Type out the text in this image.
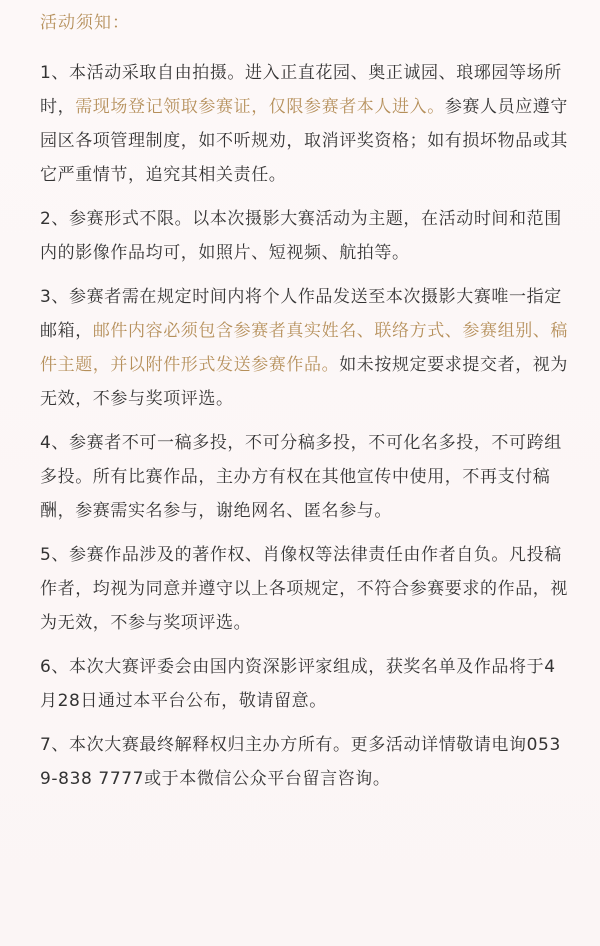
活动须知：

1、本活动采取自由拍摄。进入正直花园、奥正诚园、琅琊园等场所时，需现场登记领取参赛证，仅限参赛者本人进入。参赛人员应遵守园区各项管理制度，如不听规劝，取消评奖资格；如有损坏物品或其它严重情节，追究其相关责任。

2、参赛形式不限。以本次摄影大赛活动为主题，在活动时间和范围内的影像作品均可，如照片、短视频、航拍等。

3、参赛者需在规定时间内将个人作品发送至本次摄影大赛唯一指定邮箱，邮件内容必须包含参赛者真实姓名、联络方式、参赛组别、稿件主题，并以附件形式发送参赛作品。如未按规定要求提交者，视为无效，不参与奖项评选。

4、参赛者不可一稿多投，不可分稿多投，不可化名多投，不可跨组多投。所有比赛作品，主办方有权在其他宣传中使用，不再支付稿酬，参赛需实名参与，谢绝网名、匿名参与。

5、参赛作品涉及的著作权、肖像权等法律责任由作者自负。凡投稿作者，均视为同意并遵守以上各项规定，不符合参赛要求的作品，视为无效，不参与奖项评选。

6、本次大赛评委会由国内资深影评家组成，获奖名单及作品将于4月28日通过本平台公布，敬请留意。

7、本次大赛最终解释权归主办方所有。更多活动详情敬请电询0539-838 7777或于本微信公众平台留言咨询。
